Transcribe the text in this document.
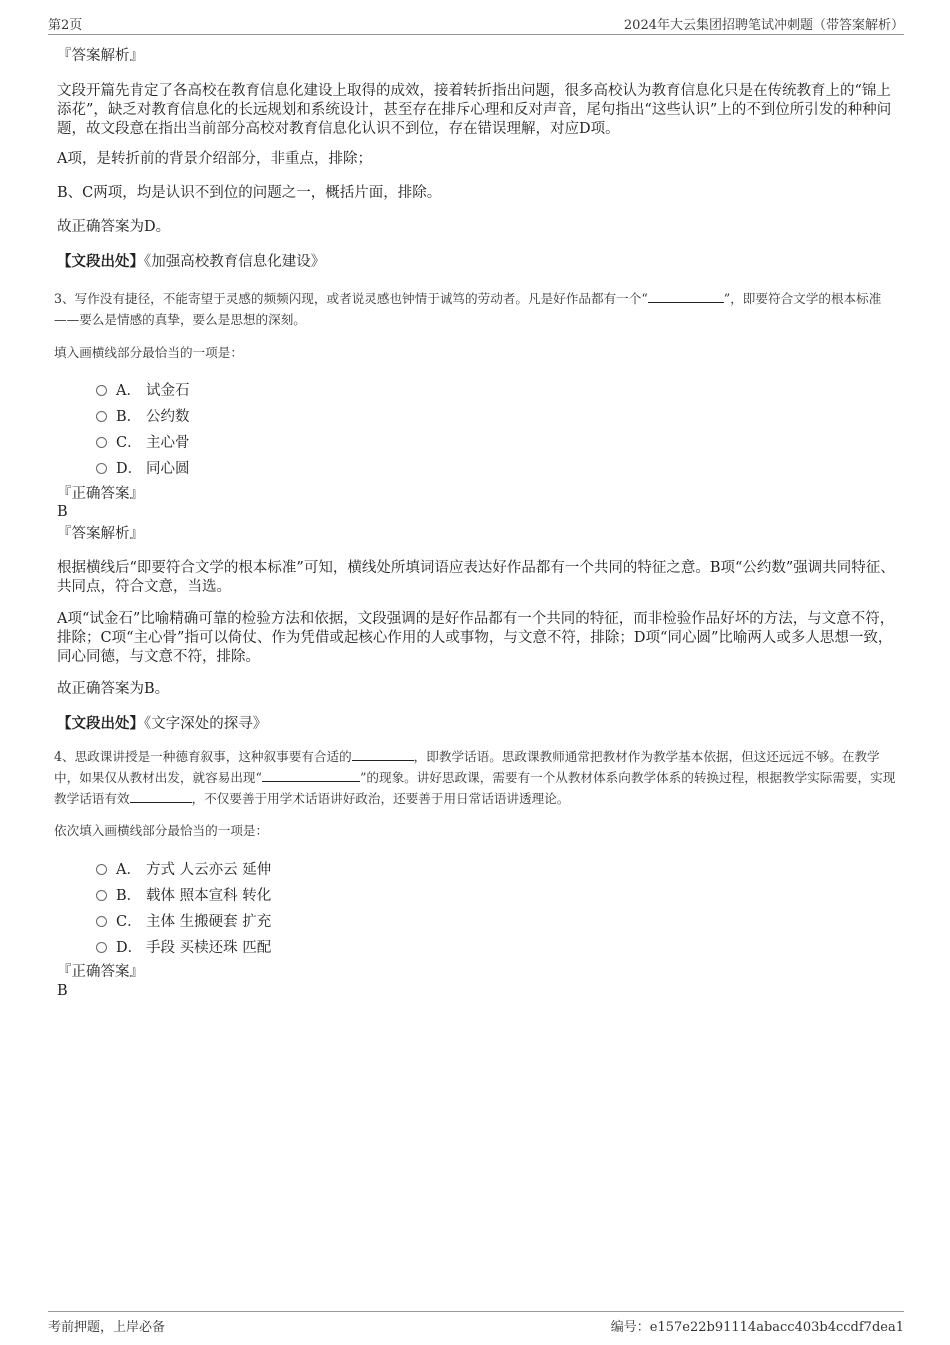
第2页	2024年大云集团招聘笔试冲刺题（带答案解析）
『答案解析』
文段开篇先肯定了各高校在教育信息化建设上取得的成效，接着转折指出问题，很多高校认为教育信息化只是在传统教育上的“锦上添花”，缺乏对教育信息化的长远规划和系统设计，甚至存在排斥心理和反对声音，尾句指出“这些认识”上的不到位所引发的种种问题，故文段意在指出当前部分高校对教育信息化认识不到位，存在错误理解，对应D项。
A项，是转折前的背景介绍部分，非重点，排除；
B、C两项，均是认识不到位的问题之一，概括片面，排除。
故正确答案为D。
【文段出处】《加强高校教育信息化建设》
3、写作没有捷径，不能寄望于灵感的频频闪现，或者说灵感也钟情于诚笃的劳动者。凡是好作品都有一个“	”，即要符合文学的根本标准——要么是情感的真挚，要么是思想的深刻。
填入画横线部分最恰当的一项是：
A． 试金石
B． 公约数
C． 主心骨
D． 同心圆
『正确答案』
B
『答案解析』
根据横线后“即要符合文学的根本标准”可知，横线处所填词语应表达好作品都有一个共同的特征之意。B项“公约数”强调共同特征、共同点，符合文意，当选。
A项“试金石”比喻精确可靠的检验方法和依据，文段强调的是好作品都有一个共同的特征，而非检验作品好坏的方法，与文意不符，排除；C项“主心骨”指可以倚仗、作为凭借或起核心作用的人或事物，与文意不符，排除；D项“同心圆”比喻两人或多人思想一致，同心同德，与文意不符，排除。
故正确答案为B。
【文段出处】《文字深处的探寻》
4、思政课讲授是一种德育叙事，这种叙事要有合适的	，即教学话语。思政课教师通常把教材作为教学基本依据，但这还远远不够。在教学中，如果仅从教材出发，就容易出现“	”的现象。讲好思政课，需要有一个从教材体系向教学体系的转换过程，根据教学实际需要，实现教学话语有效	，不仅要善于用学术话语讲好政治，还要善于用日常话语讲透理论。
依次填入画横线部分最恰当的一项是：
A． 方式 人云亦云 延伸
B． 载体 照本宣科 转化
C． 主体 生搬硬套 扩充
D． 手段 买椟还珠 匹配
『正确答案』
B
考前押题，上岸必备	编号：e157e22b91114abacc403b4ccdf7dea1
